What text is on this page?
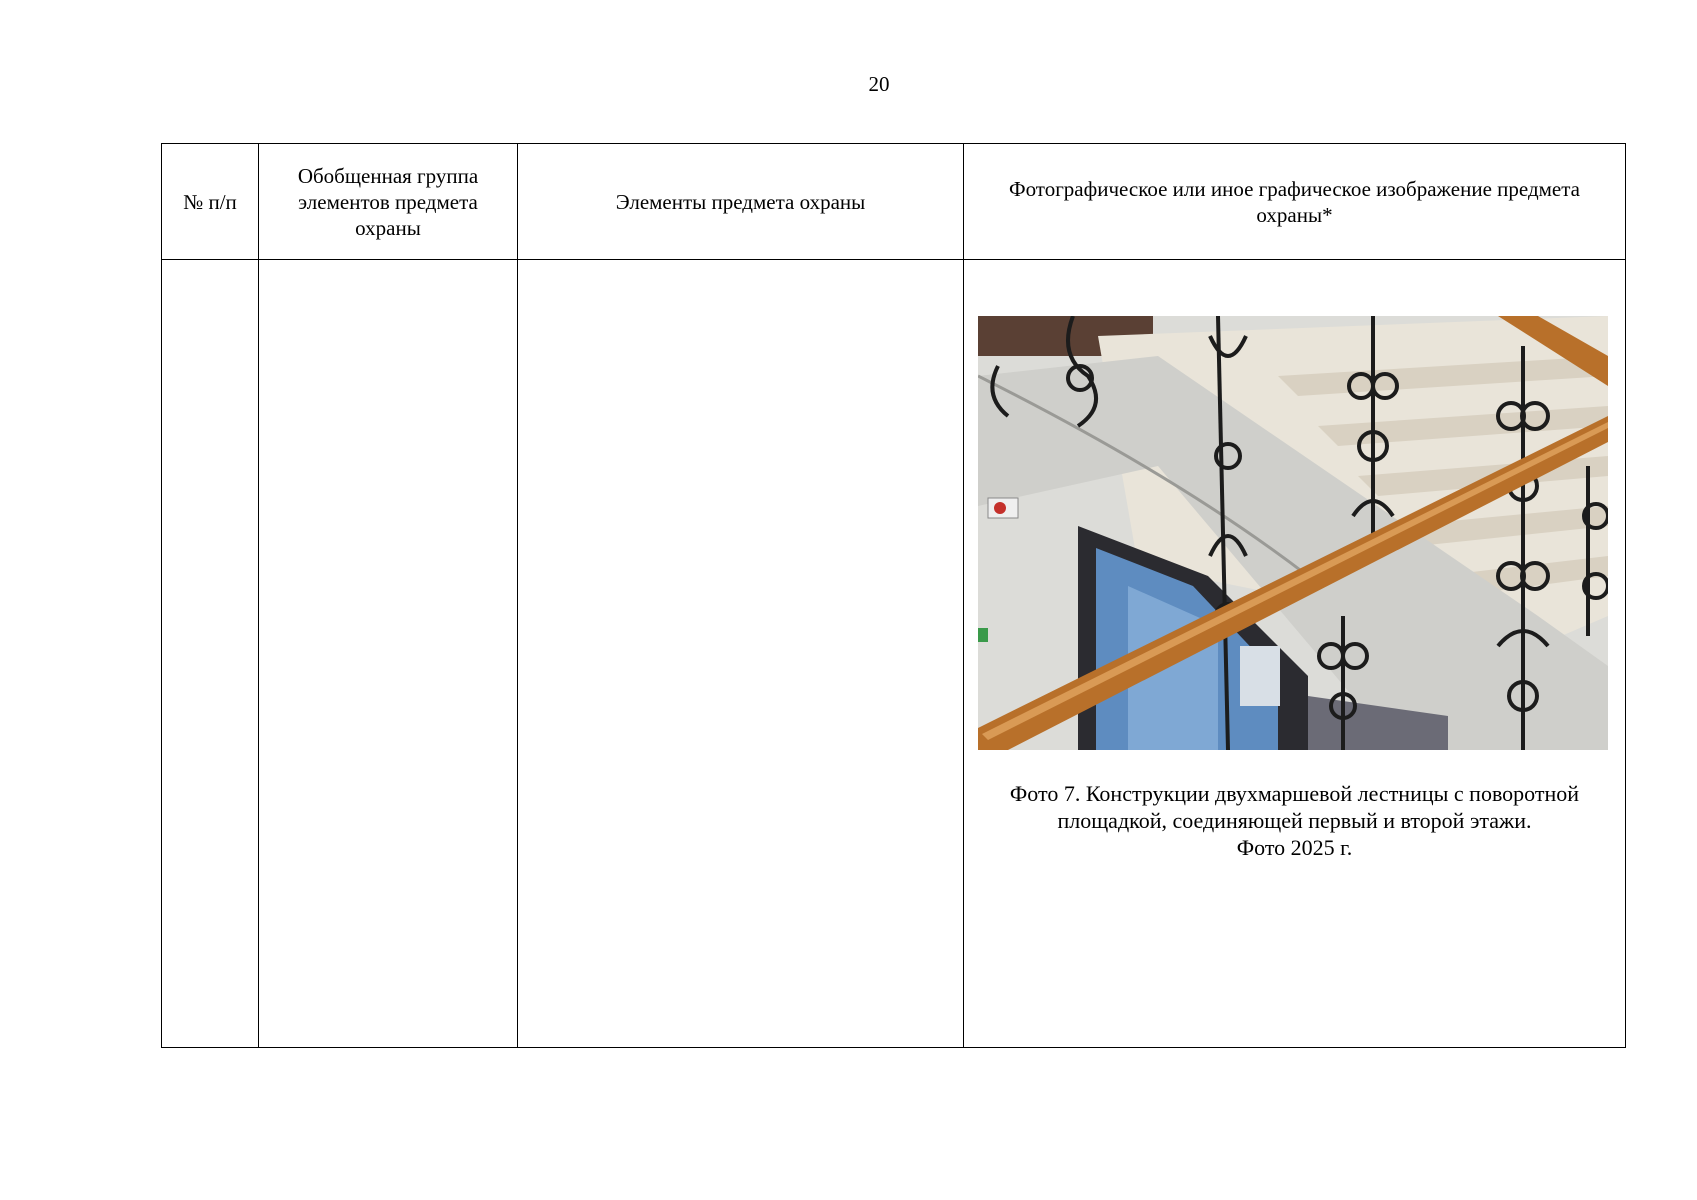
20
№ п/п	Обобщенная группа элементов предмета охраны	Элементы предмета охраны	Фотографическое или иное графическое изображение предмета охраны*

			Фото 7. Конструкции двухмаршевой лестницы с поворотной
площадкой, соединяющей первый и второй этажи.
Фото 2025 г.
